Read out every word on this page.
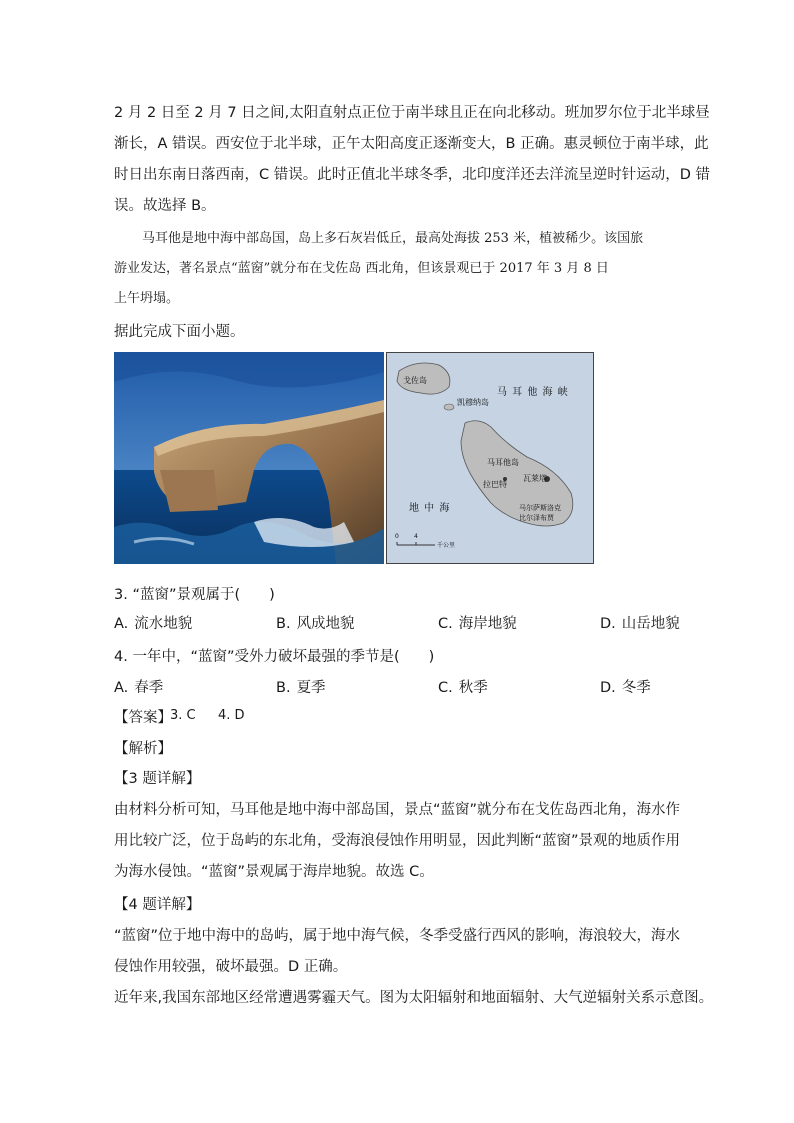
2 月 2 日至 2 月 7 日之间,太阳直射点正位于南半球且正在向北移动。班加罗尔位于北半球昼
渐长，A 错误。西安位于北半球，正午太阳高度正逐渐变大，B 正确。惠灵顿位于南半球，此
时日出东南日落西南，C 错误。此时正值北半球冬季，北印度洋还去洋流呈逆时针运动，D 错
误。故选择 B。
马耳他是地中海中部岛国，岛上多石灰岩低丘，最高处海拔 253 米，植被稀少。该国旅
游业发达，著名景点“蓝窗”就分布在戈佐岛 西北角，但该景观已于 2017 年 3 月 8 日
上午坍塌。
据此完成下面小题。
戈佐岛
凯穆纳岛
马 耳 他 海 峡
马耳他岛
拉巴特
瓦莱塔
地 中 海	马尔萨斯洛克
比尔泽布贾
0	4
千公里
3. “蓝窗”景观属于(　　)
A. 流水地貌	B. 风成地貌	C. 海岸地貌	D. 山岳地貌
4. 一年中，“蓝窗”受外力破坏最强的季节是(　　)
A. 春季	B. 夏季	C. 秋季	D. 冬季
【答案】
3. C 4. D
【解析】
【3 题详解】
由材料分析可知，马耳他是地中海中部岛国，景点“蓝窗”就分布在戈佐岛西北角，海水作
用比较广泛，位于岛屿的东北角，受海浪侵蚀作用明显，因此判断“蓝窗”景观的地质作用
为海水侵蚀。“蓝窗”景观属于海岸地貌。故选 C。
【4 题详解】
“蓝窗”位于地中海中的岛屿，属于地中海气候，冬季受盛行西风的影响，海浪较大，海水
侵蚀作用较强，破坏最强。D 正确。
近年来,我国东部地区经常遭遇雾霾天气。图为太阳辐射和地面辐射、大气逆辐射关系示意图。
